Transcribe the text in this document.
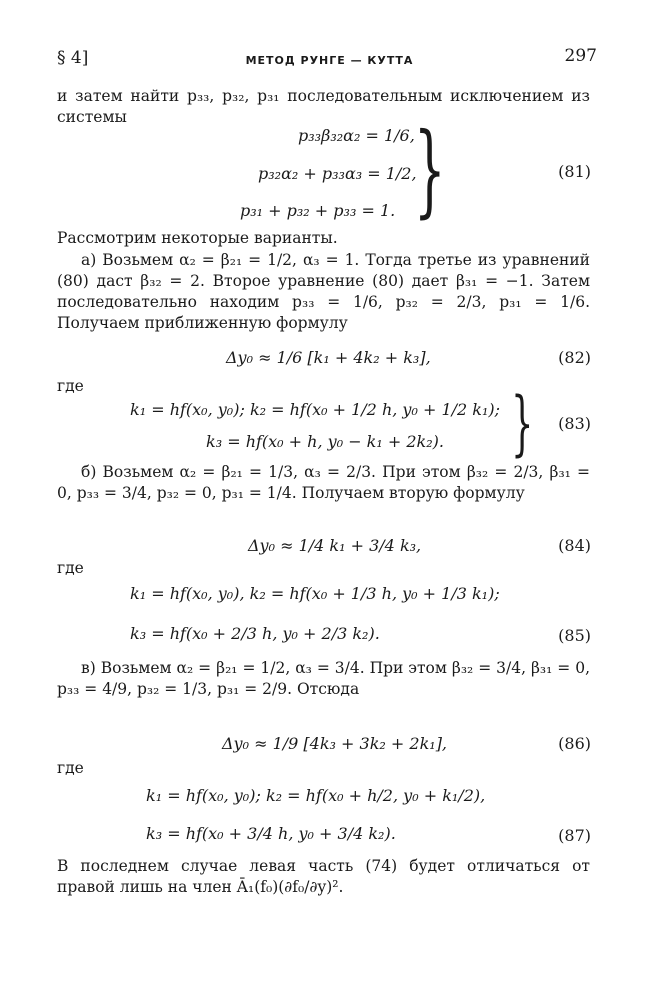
§ 4]	МЕТОД РУНГЕ — КУТТА	297
и затем найти p₃₃, p₃₂, p₃₁ последовательным исключением из системы
p₃₃β₃₂α₂ = 1/6,
p₃₂α₂ + p₃₃α₃ = 1/2,
p₃₁ + p₃₂ + p₃₃ = 1. }	(81)
Рассмотрим некоторые варианты.
а) Возьмем α₂ = β₂₁ = 1/2, α₃ = 1. Тогда третье из уравнений (80) даст β₃₂ = 2. Второе уравнение (80) дает β₃₁ = −1. Затем последовательно находим p₃₃ = 1/6, p₃₂ = 2/3, p₃₁ = 1/6. Получаем приближенную формулу
Δy₀ ≈ 1/6 [k₁ + 4k₂ + k₃],	(82)
где
k₁ = hf(x₀, y₀); k₂ = hf(x₀ + 1/2 h, y₀ + 1/2 k₁);
k₃ = hf(x₀ + h, y₀ − k₁ + 2k₂). } (83)
б) Возьмем α₂ = β₂₁ = 1/3, α₃ = 2/3. При этом β₃₂ = 2/3, β₃₁ = 0, p₃₃ = 3/4, p₃₂ = 0, p₃₁ = 1/4. Получаем вторую формулу
Δy₀ ≈ 1/4 k₁ + 3/4 k₃,	(84)
где
k₁ = hf(x₀, y₀), k₂ = hf(x₀ + 1/3 h, y₀ + 1/3 k₁);
k₃ = hf(x₀ + 2/3 h, y₀ + 2/3 k₂).	(85)
в) Возьмем α₂ = β₂₁ = 1/2, α₃ = 3/4. При этом β₃₂ = 3/4, β₃₁ = 0, p₃₃ = 4/9, p₃₂ = 1/3, p₃₁ = 2/9. Отсюда
Δy₀ ≈ 1/9 [4k₃ + 3k₂ + 2k₁],	(86)
где
k₁ = hf(x₀, y₀); k₂ = hf(x₀ + h/2, y₀ + k₁/2),
k₃ = hf(x₀ + 3/4 h, y₀ + 3/4 k₂).	(87)
В последнем случае левая часть (74) будет отличаться от правой лишь на член Ā₁(f₀)(∂f₀/∂y)².
